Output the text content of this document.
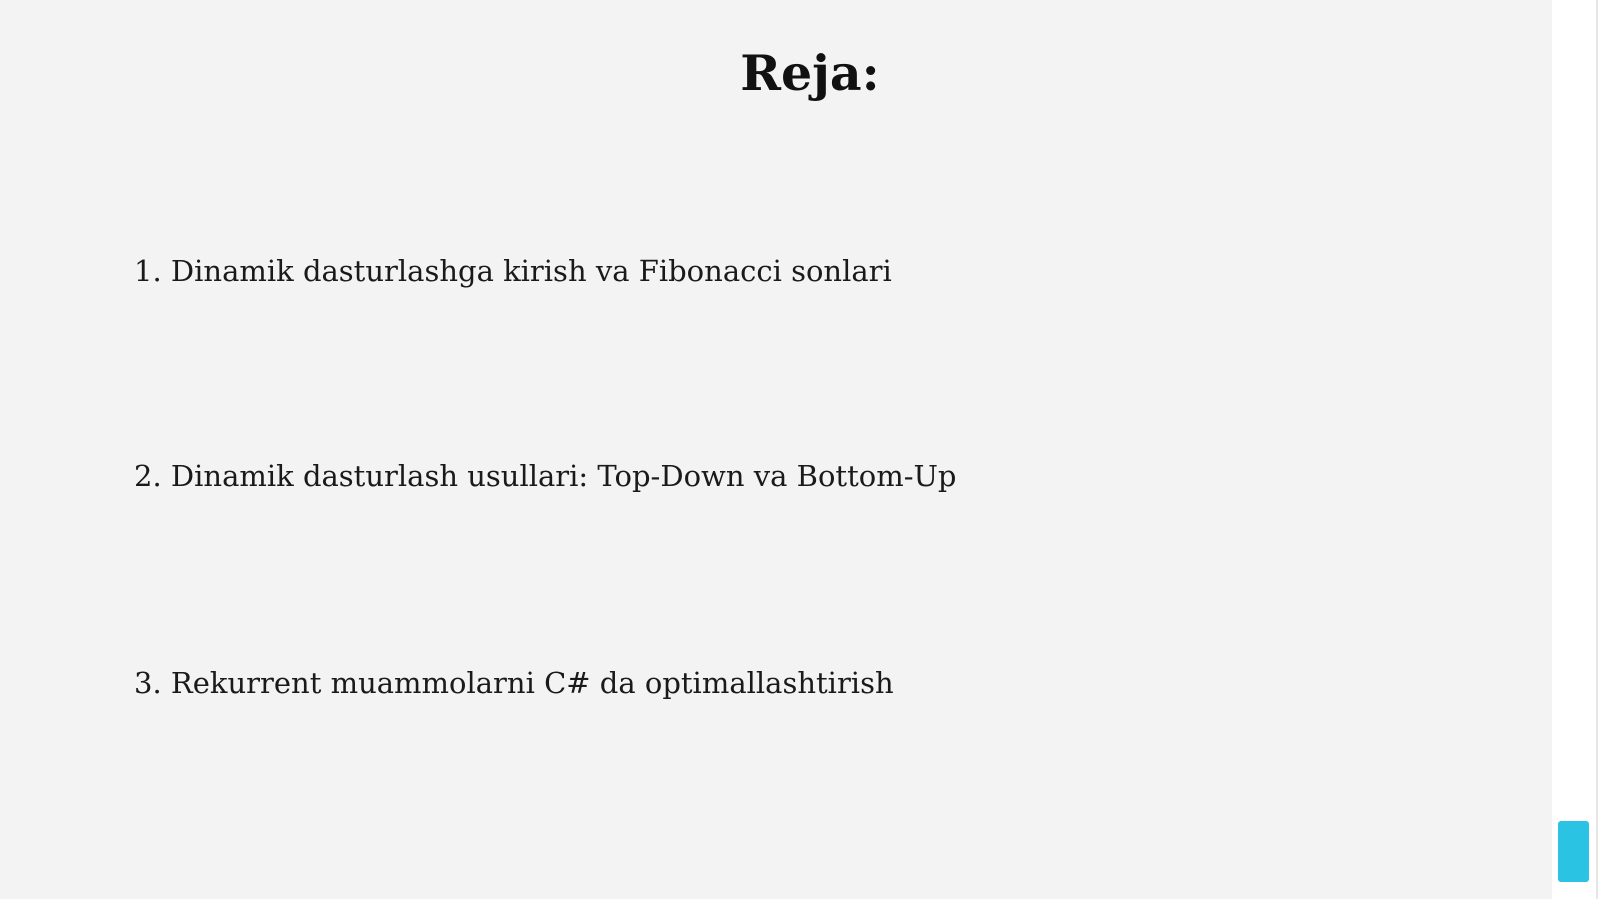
Reja:
1. Dinamik dasturlashga kirish va Fibonacci sonlari
2. Dinamik dasturlash usullari: Top-Down va Bottom-Up
3. Rekurrent muammolarni C# da optimallashtirish
